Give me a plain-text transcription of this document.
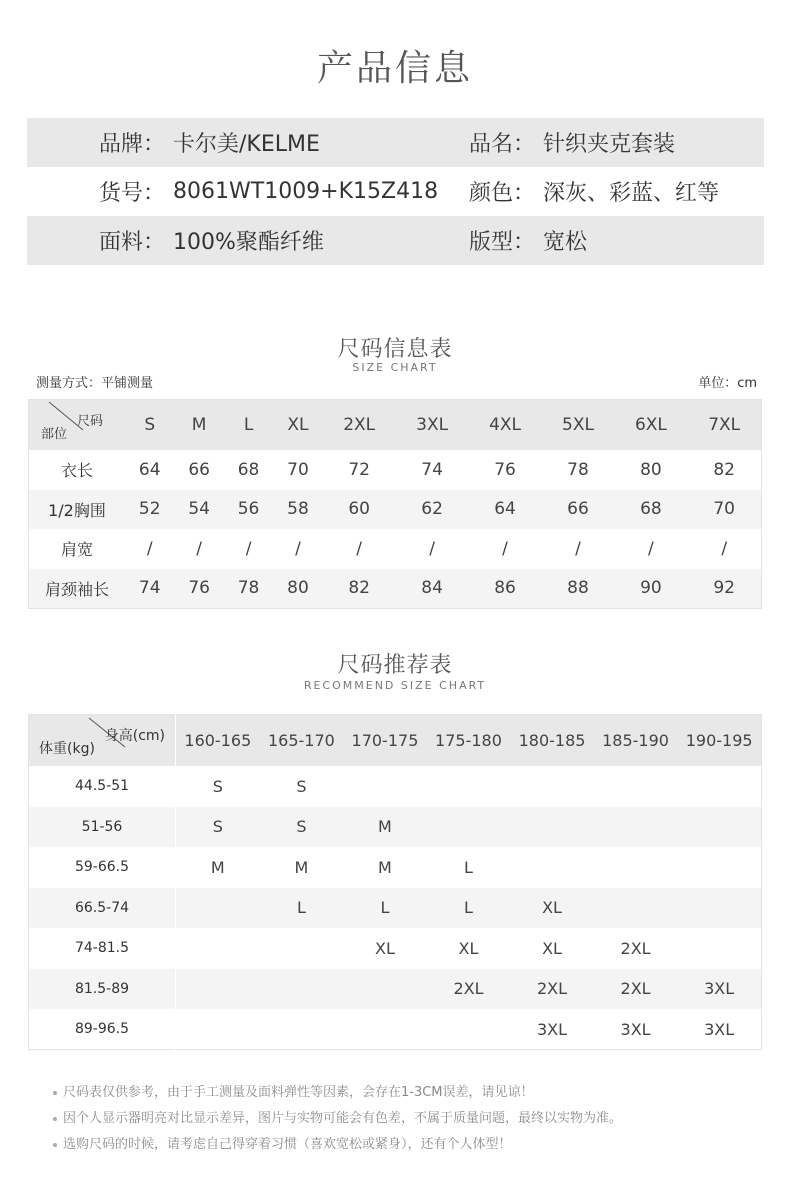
产品信息
品牌： 卡尔美/KELME	品名： 针织夹克套装
货号： 8061WT1009+K15Z418 颜色： 深灰、彩蓝、红等
面料： 100%聚酯纤维	版型： 宽松
尺码信息表
SIZE CHART
测量方式：平铺测量	单位：cm
尺码
部位	S	M	L	XL	2XL	3XL	4XL	5XL	6XL	7XL
衣长	64	66	68	70	72	74	76	78	80	82
1/2胸围	52	54	56	58	60	62	64	66	68	70
肩宽	/	/	/	/	/	/	/	/	/	/
肩颈袖长	74	76	78	80	82	84	86	88	90	92
尺码推荐表
RECOMMEND SIZE CHART
身高(cm)
体重(kg)	160-165	165-170	170-175	175-180	180-185	185-190	190-195
44.5-51	S	S					
51-56	S	S	M				
59-66.5	M	M	M	L			
66.5-74		L	L	L	XL		
74-81.5			XL	XL	XL	2XL	
81.5-89				2XL	2XL	2XL	3XL
89-96.5					3XL	3XL	3XL
尺码表仅供参考，由于手工测量及面料弹性等因素，会存在1-3CM误差，请见谅！
因个人显示器明亮对比显示差异，图片与实物可能会有色差，不属于质量问题，最终以实物为准。
选购尺码的时候，请考虑自己得穿着习惯（喜欢宽松或紧身），还有个人体型！
